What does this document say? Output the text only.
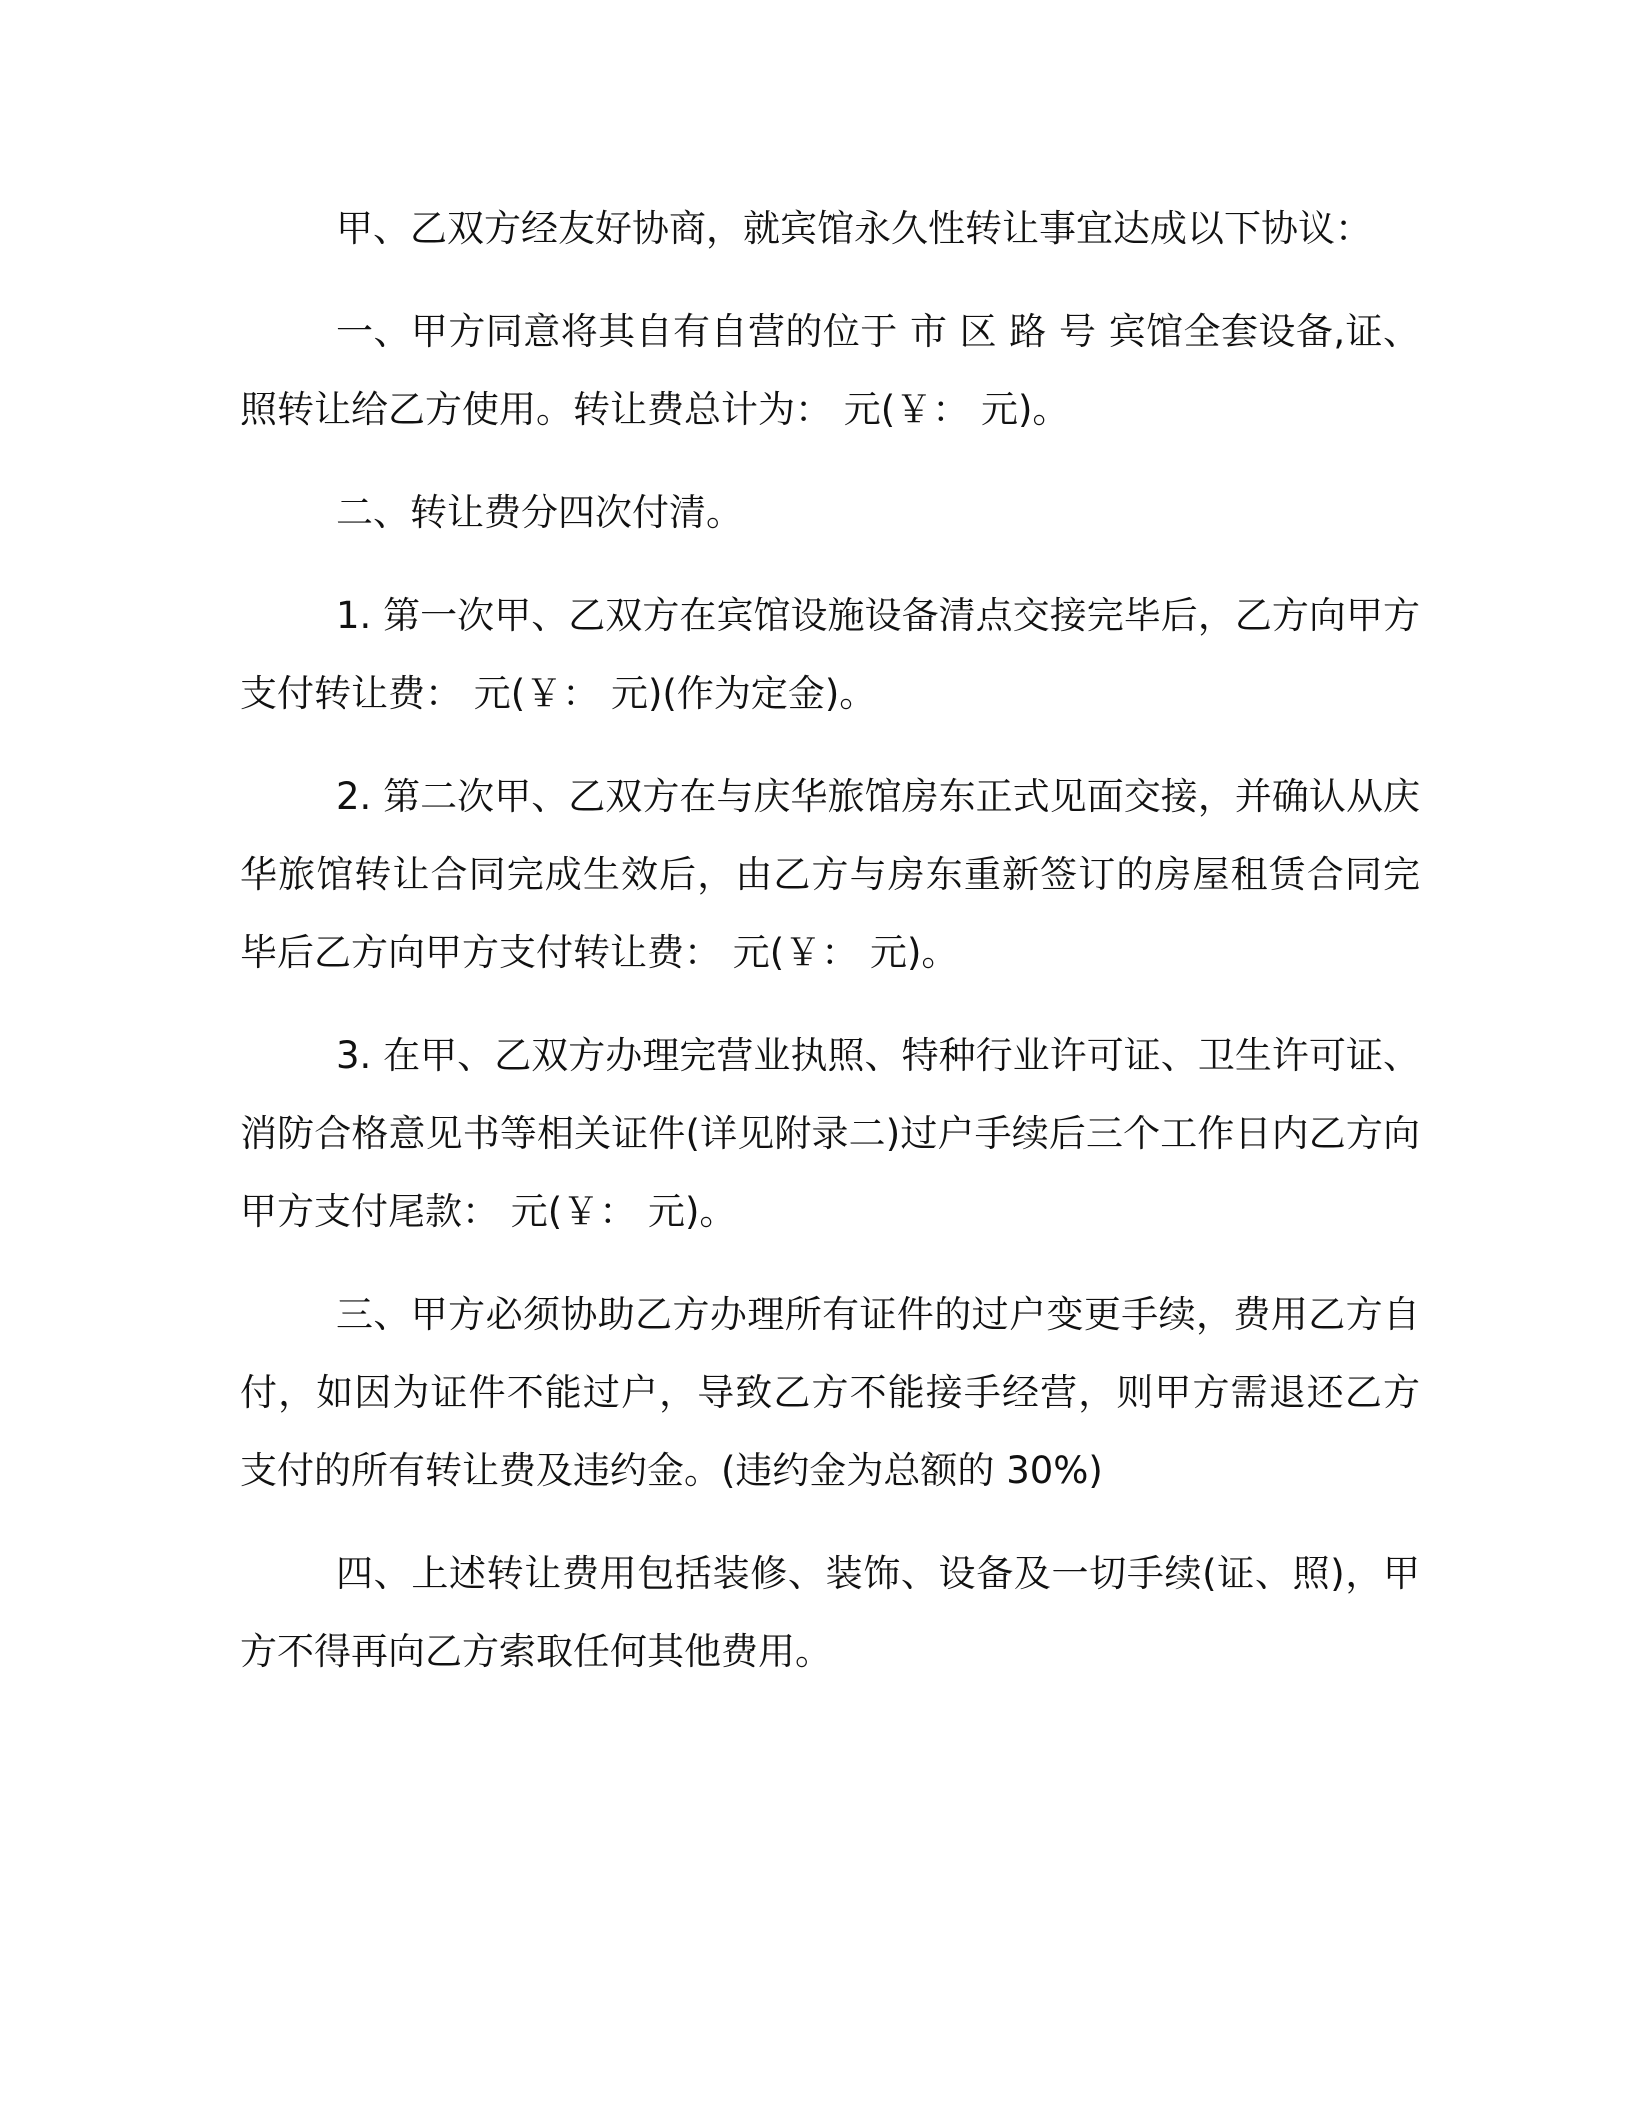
甲、乙双方经友好协商，就宾馆永久性转让事宜达成以下协议：

一、甲方同意将其自有自营的位于 市 区 路 号 宾馆全套设备,证、照转让给乙方使用。转让费总计为： 元(￥： 元)。

二、转让费分四次付清。

1. 第一次甲、乙双方在宾馆设施设备清点交接完毕后，乙方向甲方支付转让费： 元(￥： 元)(作为定金)。

2. 第二次甲、乙双方在与庆华旅馆房东正式见面交接，并确认从庆华旅馆转让合同完成生效后，由乙方与房东重新签订的房屋租赁合同完毕后乙方向甲方支付转让费： 元(￥： 元)。

3. 在甲、乙双方办理完营业执照、特种行业许可证、卫生许可证、消防合格意见书等相关证件(详见附录二)过户手续后三个工作日内乙方向甲方支付尾款： 元(￥： 元)。

三、甲方必须协助乙方办理所有证件的过户变更手续，费用乙方自付，如因为证件不能过户，导致乙方不能接手经营，则甲方需退还乙方支付的所有转让费及违约金。(违约金为总额的 30%)

四、上述转让费用包括装修、装饰、设备及一切手续(证、照)，甲方不得再向乙方索取任何其他费用。
